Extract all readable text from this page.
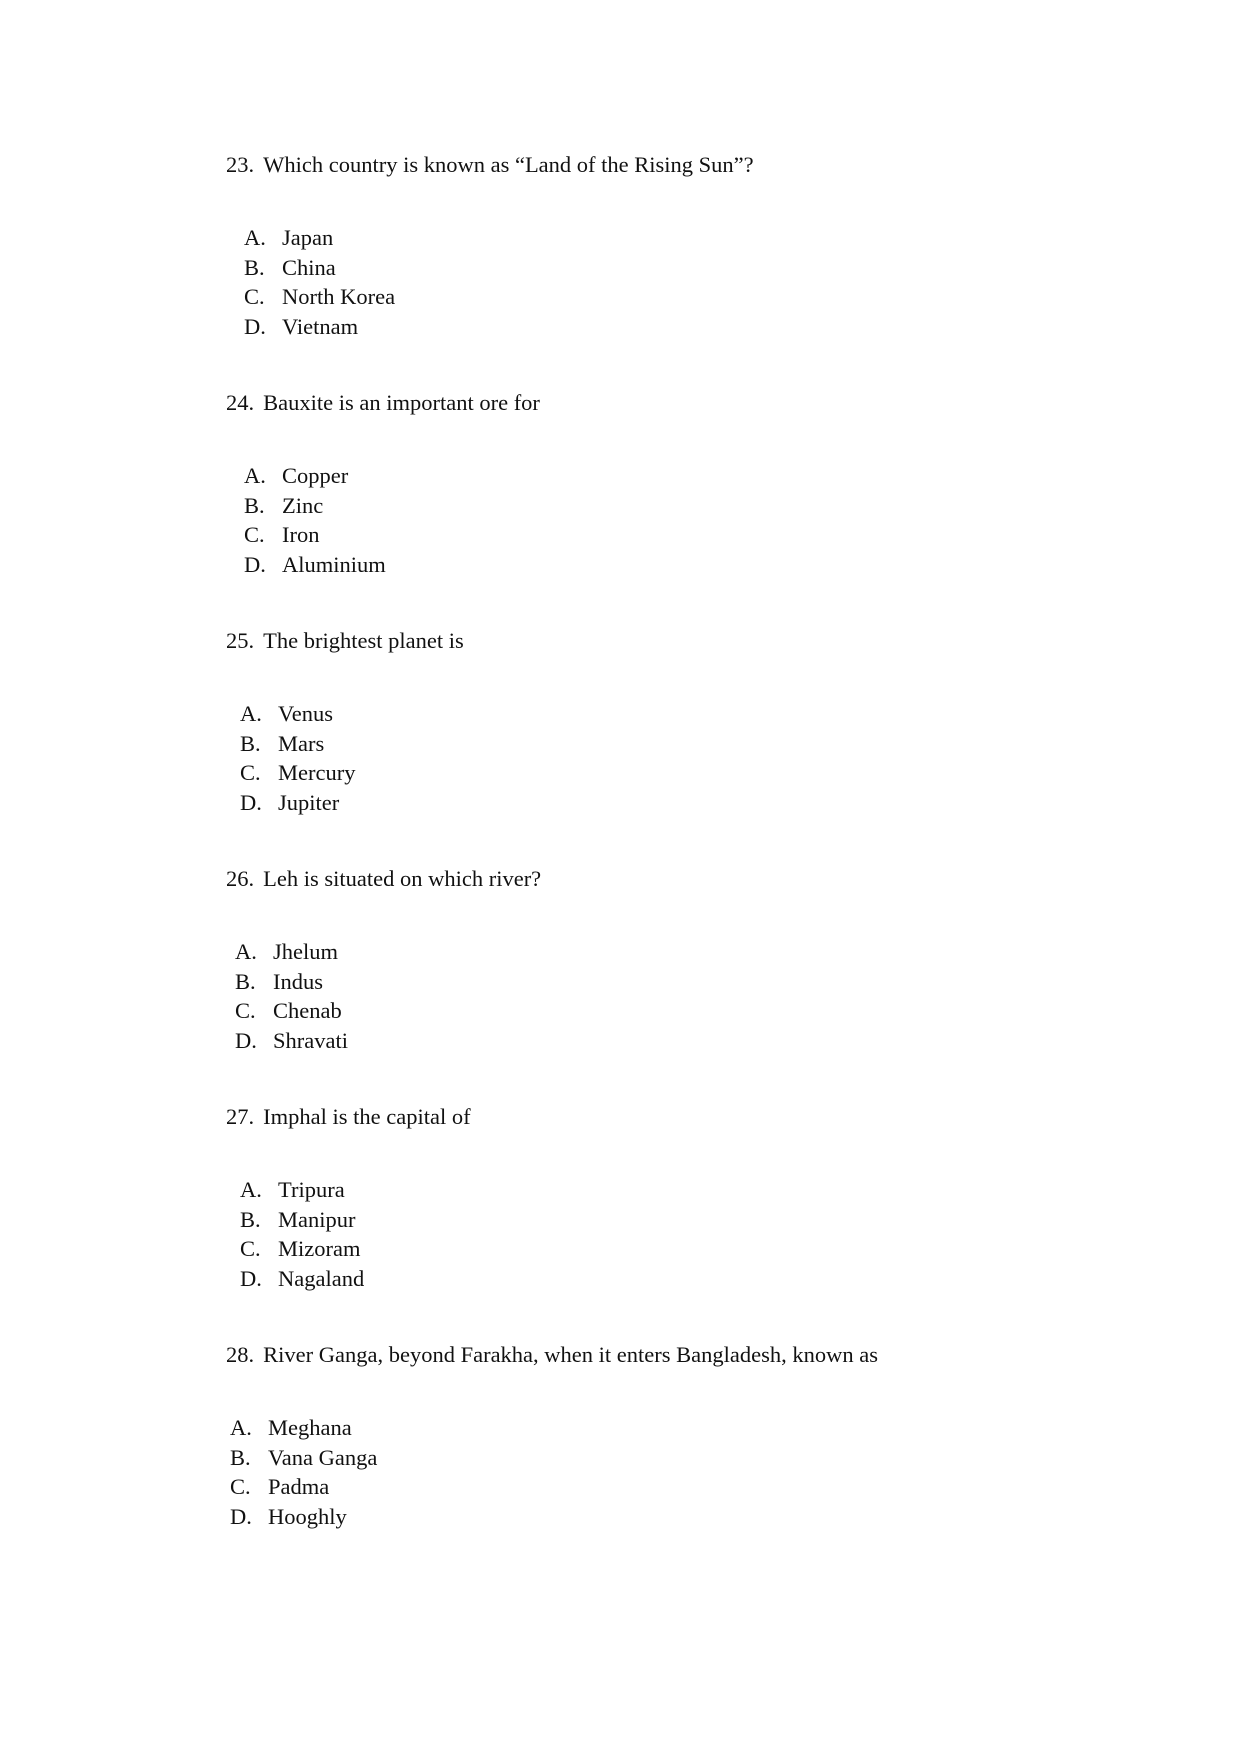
23. Which country is known as “Land of the Rising Sun”?
A. Japan
B. China
C. North Korea
D. Vietnam
24. Bauxite is an important ore for
A. Copper
B. Zinc
C. Iron
D. Aluminium
25. The brightest planet is
A. Venus
B. Mars
C. Mercury
D. Jupiter
26. Leh is situated on which river?
A. Jhelum
B. Indus
C. Chenab
D. Shravati
27. Imphal is the capital of
A. Tripura
B. Manipur
C. Mizoram
D. Nagaland
28. River Ganga, beyond Farakha, when it enters Bangladesh, known as
A. Meghana
B. Vana Ganga
C. Padma
D. Hooghly
